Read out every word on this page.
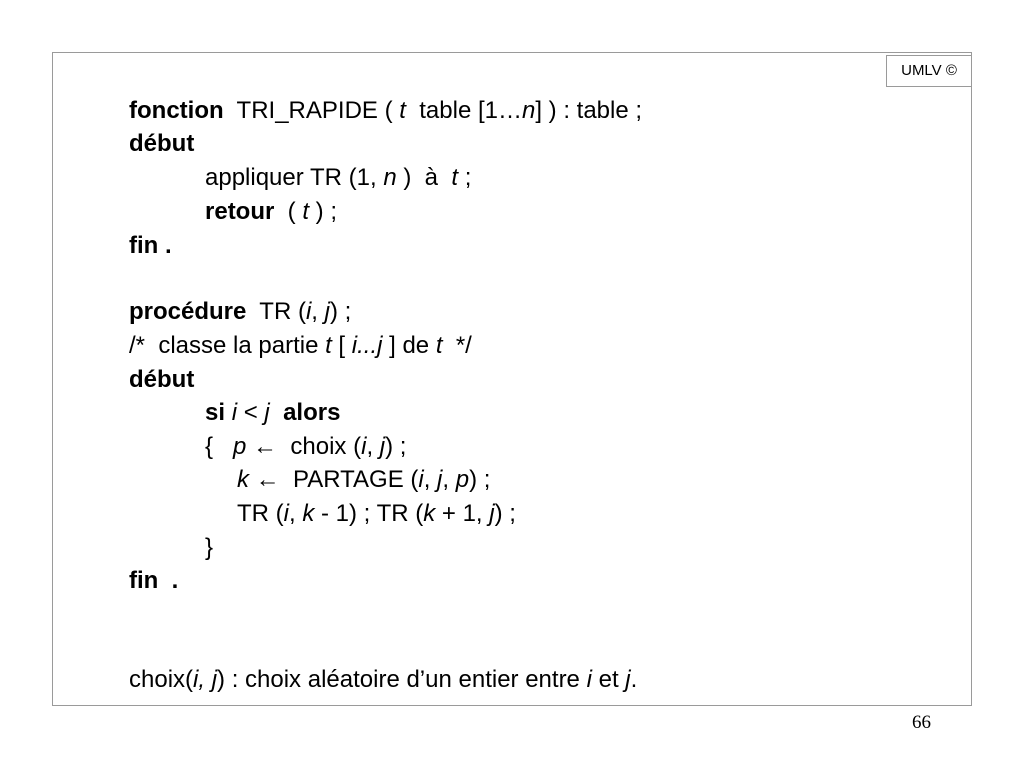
UMLV ©
fonction  TRI_RAPIDE ( t  table [1…n] ) : table ;
début
appliquer TR (1, n )  à  t ;
retour  ( t ) ;
fin .
procédure  TR (i, j) ;
/*  classe la partie t [ i...j ] de t  */
début
si i < j alors
{   p ←  choix (i, j) ;
k ←  PARTAGE (i, j, p) ;
TR (i, k - 1) ; TR (k + 1, j) ;
}
fin  .
choix(i, j) : choix aléatoire d’un entier entre i et j.
66
